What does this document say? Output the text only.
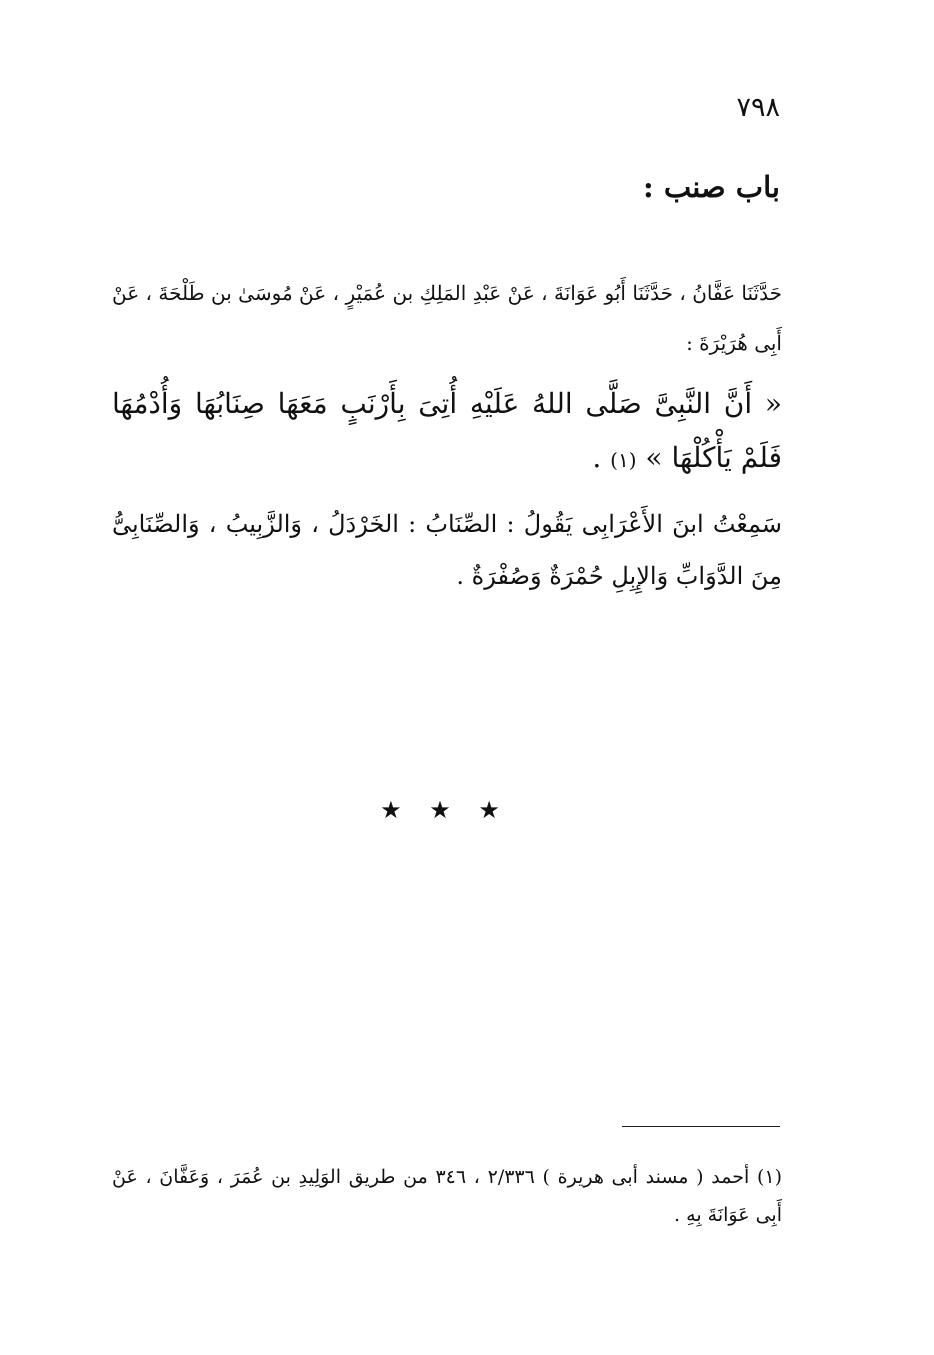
٧٩٨
باب صنب :

حَدَّثَنَا عَفَّانُ ، حَدَّثَنَا أَبُو عَوَانَةَ ، عَنْ عَبْدِ المَلِكِ بن عُمَيْرٍ ، عَنْ مُوسَىٰ بن طَلْحَةَ ، عَنْ أَبِى هُرَيْرَةَ :

« أَنَّ النَّبِىَّ صَلَّى اللهُ عَلَيْهِ أُتِىَ بِأَرْنَبٍ مَعَهَا صِنَابُهَا وَأُدْمُهَا فَلَمْ يَأْكُلْهَا » (١) .

سَمِعْتُ ابنَ الأَعْرَابِى يَقُولُ : الصِّنَابُ : الخَرْدَلُ ، وَالزَّبِيبُ ، وَالصِّنَابِىُّ مِنَ الدَّوَابِّ وَالإِبِلِ حُمْرَةٌ وَصُفْرَةٌ .

★ ★ ★

(١) أحمد ( مسند أبى هريرة ) ٢/٣٣٦ ، ٣٤٦ من طريق الوَلِيدِ بن عُمَرَ ، وَعَفَّانَ ، عَنْ أَبِى عَوَانَةَ بِهِ .
